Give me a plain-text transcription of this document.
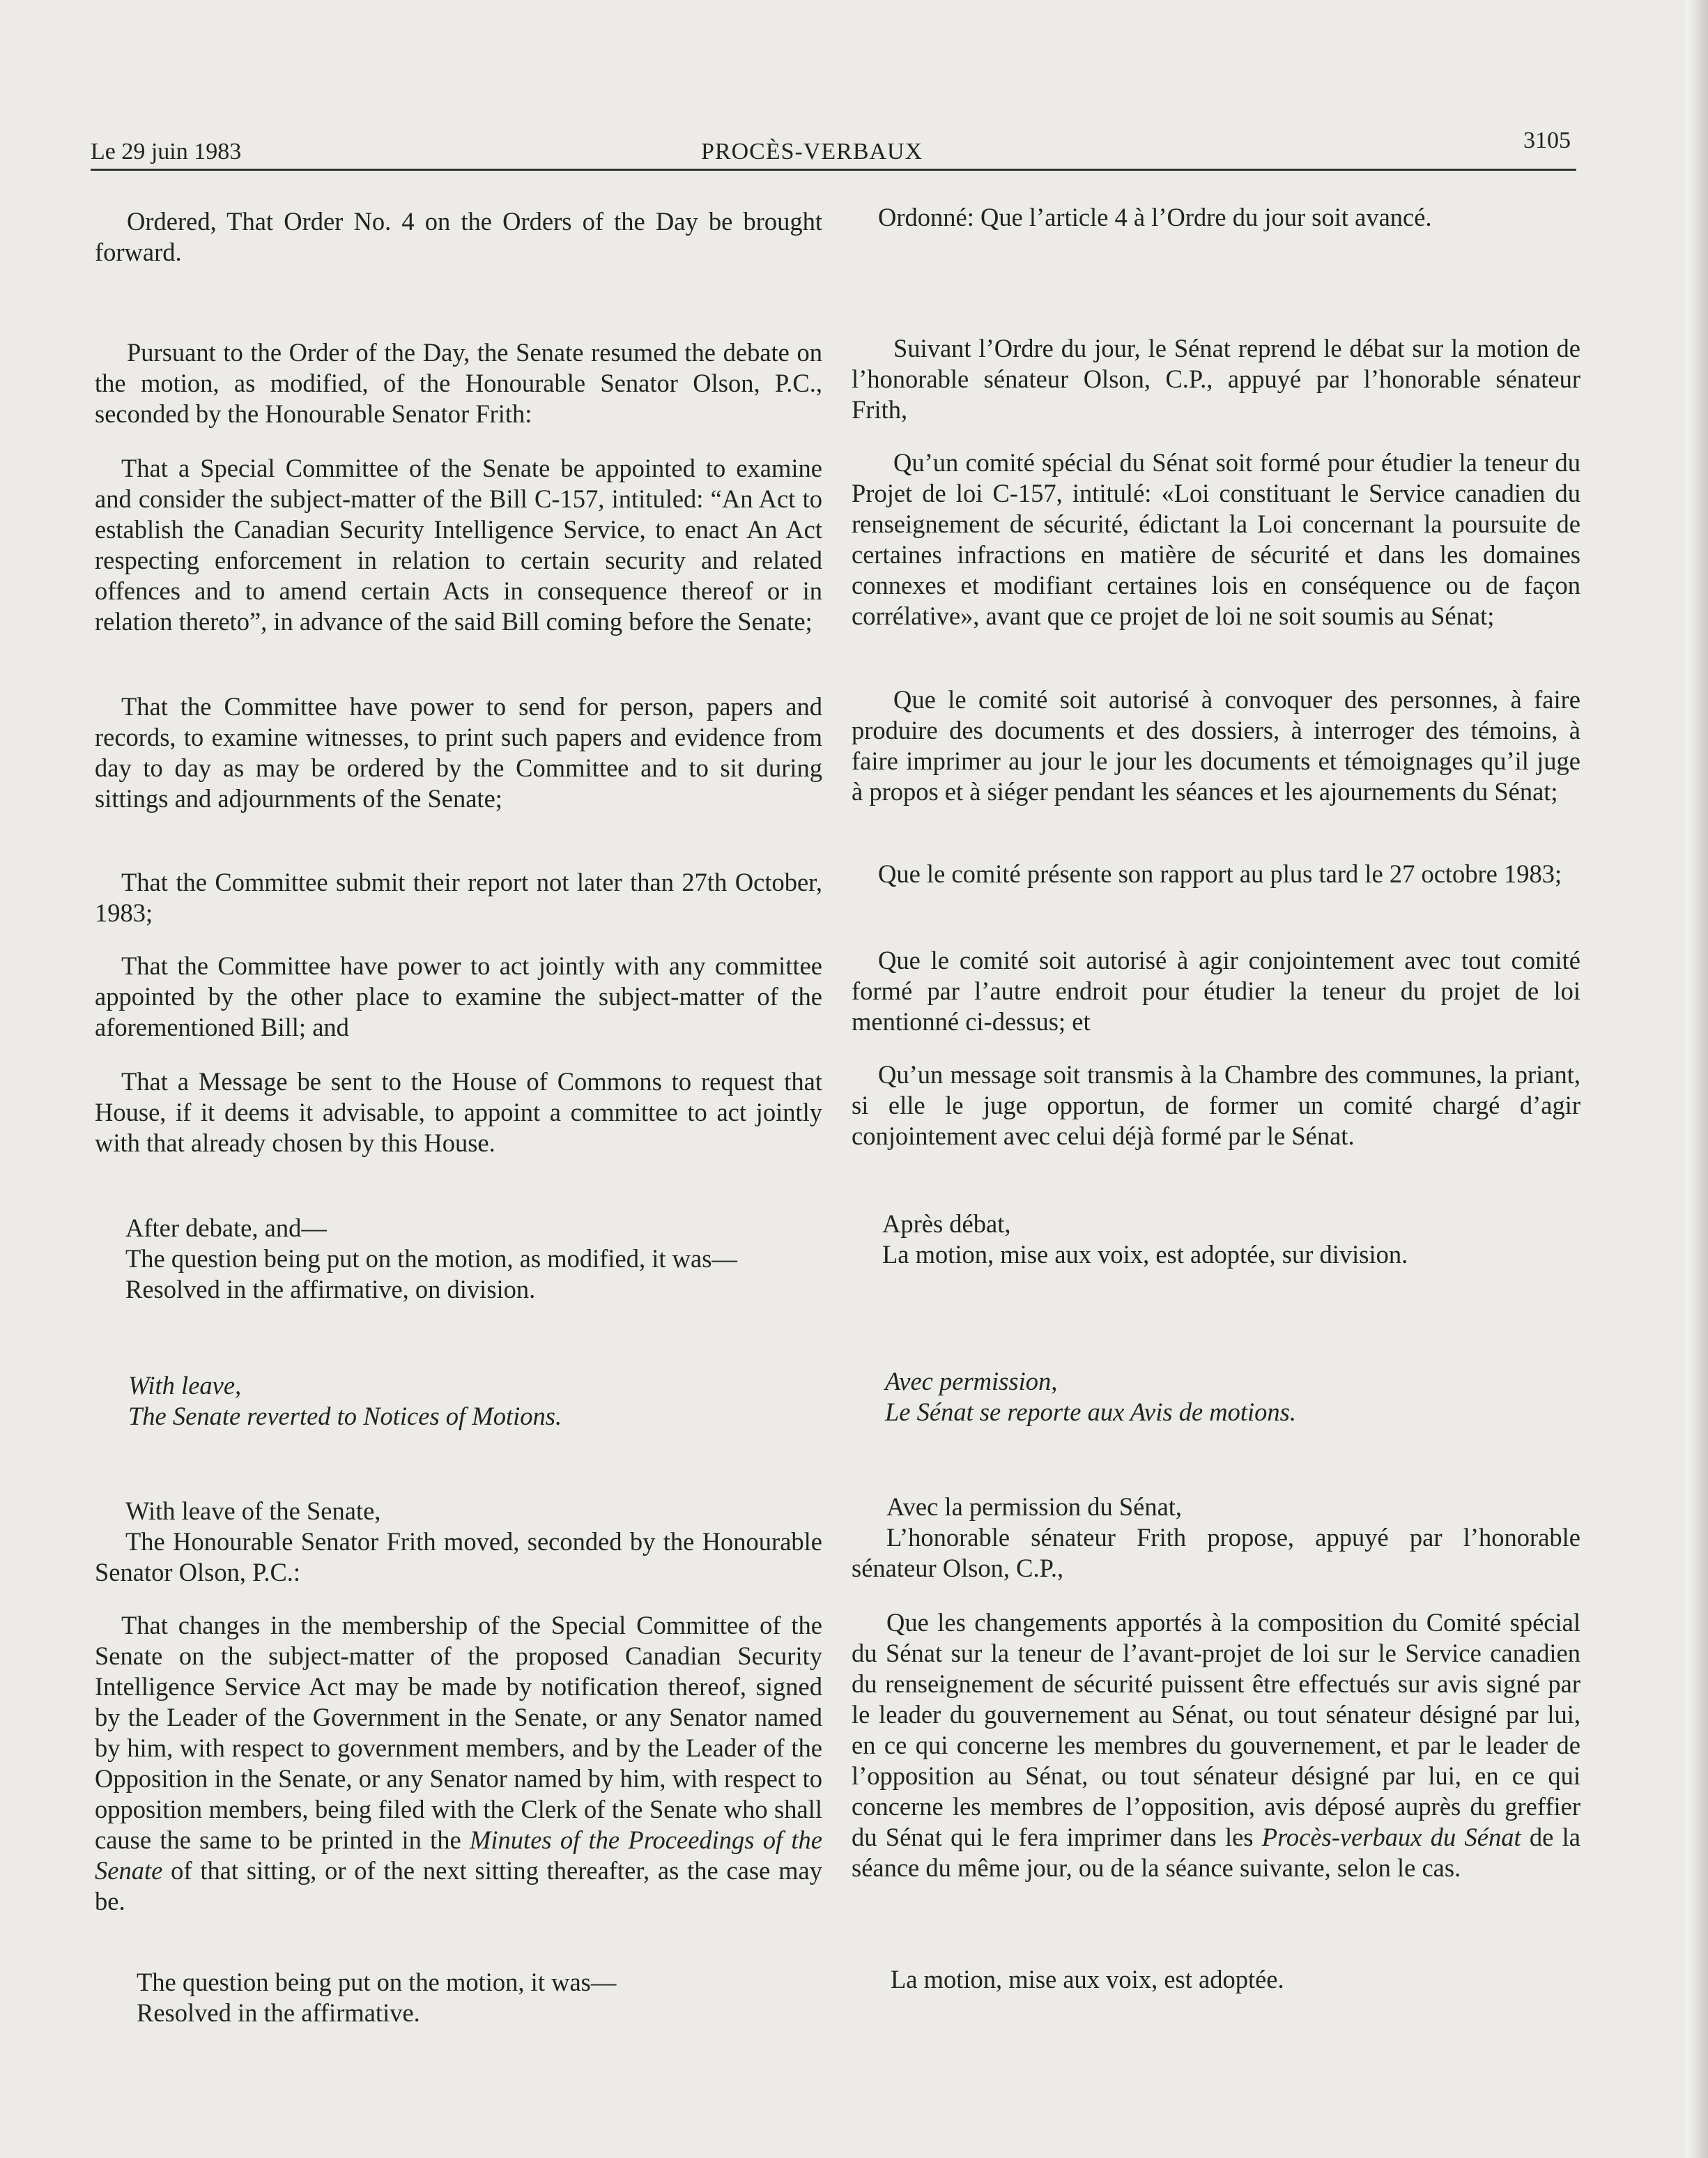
Le 29 juin 1983	PROCÈS-VERBAUX	3105

Ordered, That Order No. 4 on the Orders of the Day be brought forward.

Pursuant to the Order of the Day, the Senate resumed the debate on the motion, as modified, of the Honourable Senator Olson, P.C., seconded by the Honourable Senator Frith:

That a Special Committee of the Senate be appointed to examine and consider the subject-matter of the Bill C-157, intituled: “An Act to establish the Canadian Security Intelligence Service, to enact An Act respecting enforcement in relation to certain security and related offences and to amend certain Acts in consequence thereof or in relation thereto”, in advance of the said Bill coming before the Senate;

That the Committee have power to send for person, papers and records, to examine witnesses, to print such papers and evidence from day to day as may be ordered by the Committee and to sit during sittings and adjournments of the Senate;

That the Committee submit their report not later than 27th October, 1983;

That the Committee have power to act jointly with any committee appointed by the other place to examine the subject-matter of the aforementioned Bill; and

That a Message be sent to the House of Commons to request that House, if it deems it advisable, to appoint a committee to act jointly with that already chosen by this House.

After debate, and—
The question being put on the motion, as modified, it was—
Resolved in the affirmative, on division.
With leave,
The Senate reverted to Notices of Motions.
With leave of the Senate,
The Honourable Senator Frith moved, seconded by the Honourable Senator Olson, P.C.:

That changes in the membership of the Special Committee of the Senate on the subject-matter of the proposed Canadian Security Intelligence Service Act may be made by notification thereof, signed by the Leader of the Government in the Senate, or any Senator named by him, with respect to government members, and by the Leader of the Opposition in the Senate, or any Senator named by him, with respect to opposition members, being filed with the Clerk of the Senate who shall cause the same to be printed in the Minutes of the Proceedings of the Senate of that sitting, or of the next sitting thereafter, as the case may be.

The question being put on the motion, it was—
Resolved in the affirmative.

Ordonné: Que l’article 4 à l’Ordre du jour soit avancé.

Suivant l’Ordre du jour, le Sénat reprend le débat sur la motion de l’honorable sénateur Olson, C.P., appuyé par l’honorable sénateur Frith,

Qu’un comité spécial du Sénat soit formé pour étudier la teneur du Projet de loi C-157, intitulé: «Loi constituant le Service canadien du renseignement de sécurité, édictant la Loi concernant la poursuite de certaines infractions en matière de sécurité et dans les domaines connexes et modifiant certaines lois en conséquence ou de façon corrélative», avant que ce projet de loi ne soit soumis au Sénat;

Que le comité soit autorisé à convoquer des personnes, à faire produire des documents et des dossiers, à interroger des témoins, à faire imprimer au jour le jour les documents et témoignages qu’il juge à propos et à siéger pendant les séances et les ajournements du Sénat;

Que le comité présente son rapport au plus tard le 27 octobre 1983;

Que le comité soit autorisé à agir conjointement avec tout comité formé par l’autre endroit pour étudier la teneur du projet de loi mentionné ci-dessus; et

Qu’un message soit transmis à la Chambre des communes, la priant, si elle le juge opportun, de former un comité chargé d’agir conjointement avec celui déjà formé par le Sénat.

Après débat,
La motion, mise aux voix, est adoptée, sur division.
Avec permission,
Le Sénat se reporte aux Avis de motions.
Avec la permission du Sénat,
L’honorable sénateur Frith propose, appuyé par l’honorable sénateur Olson, C.P.,

Que les changements apportés à la composition du Comité spécial du Sénat sur la teneur de l’avant-projet de loi sur le Service canadien du renseignement de sécurité puissent être effectués sur avis signé par le leader du gouvernement au Sénat, ou tout sénateur désigné par lui, en ce qui concerne les membres du gouvernement, et par le leader de l’opposition au Sénat, ou tout sénateur désigné par lui, en ce qui concerne les membres de l’opposition, avis déposé auprès du greffier du Sénat qui le fera imprimer dans les Procès-verbaux du Sénat de la séance du même jour, ou de la séance suivante, selon le cas.

La motion, mise aux voix, est adoptée.
